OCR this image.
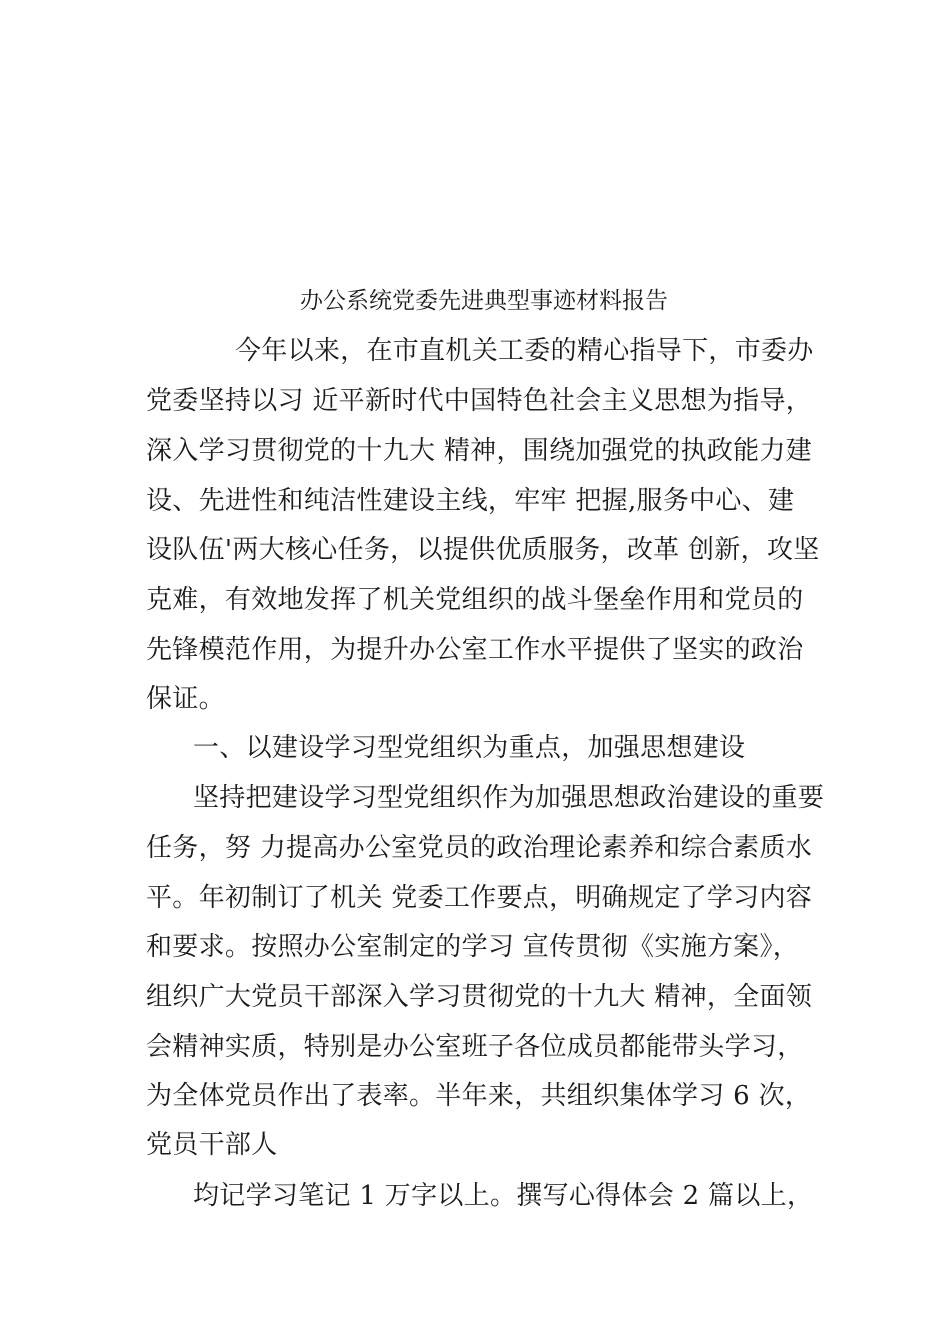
办公系统党委先进典型事迹材料报告
今年以来，在市直机关工委的精心指导下，市委办
党委坚持以习 近平新时代中国特色社会主义思想为指导，
深入学习贯彻党的十九大 精神，围绕加强党的执政能力建
设、先进性和纯洁性建设主线，牢牢 把握,服务中心、建
设队伍'两大核心任务，以提供优质服务，改革 创新，攻坚
克难，有效地发挥了机关党组织的战斗堡垒作用和党员的
先锋模范作用，为提升办公室工作水平提供了坚实的政治
保证。
一、以建设学习型党组织为重点，加强思想建设
坚持把建设学习型党组织作为加强思想政治建设的重要
任务，努 力提高办公室党员的政治理论素养和综合素质水
平。年初制订了机关 党委工作要点，明确规定了学习内容
和要求。按照办公室制定的学习 宣传贯彻《实施方案》，
组织广大党员干部深入学习贯彻党的十九大 精神，全面领
会精神实质，特别是办公室班子各位成员都能带头学习，
为全体党员作出了表率。半年来，共组织集体学习 6 次，
党员干部人
均记学习笔记 1 万字以上。撰写心得体会 2 篇以上，
